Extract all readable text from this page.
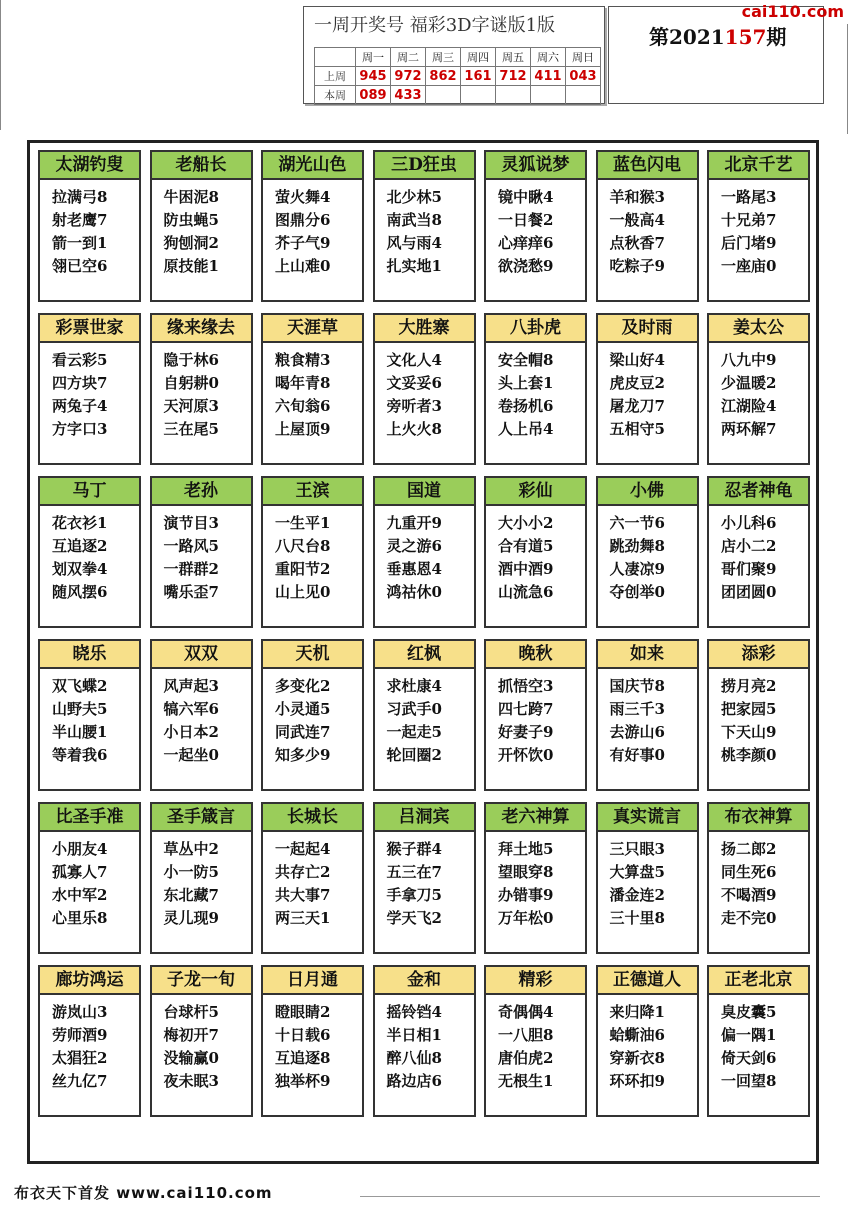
一周开奖号 福彩3D字谜版1版
	周一	周二	周三	周四	周五	周六	周日
上周	945	972	862	161	712	411	043
本周	089	433					
第2021157期
cai110.com
太湖钓叟
拉满弓8
射老鹰7
箭一到1
翎已空6
老船长
牛困泥8
防虫蝇5
狗刨洞2
原技能1
湖光山色
萤火舞4
图鼎分6
芥子气9
上山难0
三D狂虫
北少林5
南武当8
风与雨4
扎实地1
灵狐说梦
镜中瞅4
一日餐2
心痒痒6
欲浇愁9
蓝色闪电
羊和猴3
一般高4
点秋香7
吃粽子9
北京千艺
一路尾3
十兄弟7
后门堵9
一座庙0
彩票世家
看云彩5
四方块7
两兔子4
方字口3
缘来缘去
隐于林6
自躬耕0
天河原3
三在尾5
天涯草
粮食精3
喝年青8
六旬翁6
上屋顶9
大胜寨
文化人4
文妥妥6
旁听者3
上火火8
八卦虎
安全帽8
头上套1
卷扬机6
人上吊4
及时雨
梁山好4
虎皮豆2
屠龙刀7
五相守5
姜太公
八九中9
少温暖2
江湖险4
两环解7
马丁
花衣衫1
互追逐2
划双拳4
随风摆6
老孙
演节目3
一路风5
一群群2
嘴乐歪7
王滨
一生平1
八尺台8
重阳节2
山上见0
国道
九重开9
灵之游6
垂惠恩4
鸿祜休0
彩仙
大小小2
合有道5
酒中酒9
山流急6
小佛
六一节6
跳劲舞8
人凄凉9
夺创举0
忍者神龟
小儿科6
店小二2
哥们聚9
团团圆0
晓乐
双飞蝶2
山野夫5
半山腰1
等着我6
双双
风声起3
犒六军6
小日本2
一起坐0
天机
多变化2
小灵通5
同武连7
知多少9
红枫
求杜康4
习武手0
一起走5
轮回圈2
晚秋
抓悟空3
四七跨7
好妻子9
开怀饮0
如来
国庆节8
雨三千3
去游山6
有好事0
添彩
捞月亮2
把家园5
下天山9
桃李颜0
比圣手准
小朋友4
孤寡人7
水中军2
心里乐8
圣手箴言
草丛中2
小一防5
东北藏7
灵儿现9
长城长
一起起4
共存亡2
共大事7
两三天1
吕洞宾
猴子群4
五三在7
手拿刀5
学天飞2
老六神算
拜土地5
望眼穿8
办错事9
万年松0
真实谎言
三只眼3
大算盘5
潘金连2
三十里8
布衣神算
扬二郎2
同生死6
不喝酒9
走不完0
廊坊鸿运
游岚山3
劳师酒9
太猖狂2
丝九亿7
子龙一旬
台球杆5
梅初开7
没输赢0
夜未眠3
日月通
瞪眼睛2
十日载6
互追逐8
独举杯9
金和
摇铃铛4
半日相1
醉八仙8
路边店6
精彩
奇偶偶4
一八胆8
唐伯虎2
无根生1
正德道人
来归降1
蛤蟖油6
穿新衣8
环环扣9
正老北京
臭皮囊5
偏一隅1
倚天剑6
一回望8
布衣天下首发 www.cai110.com
